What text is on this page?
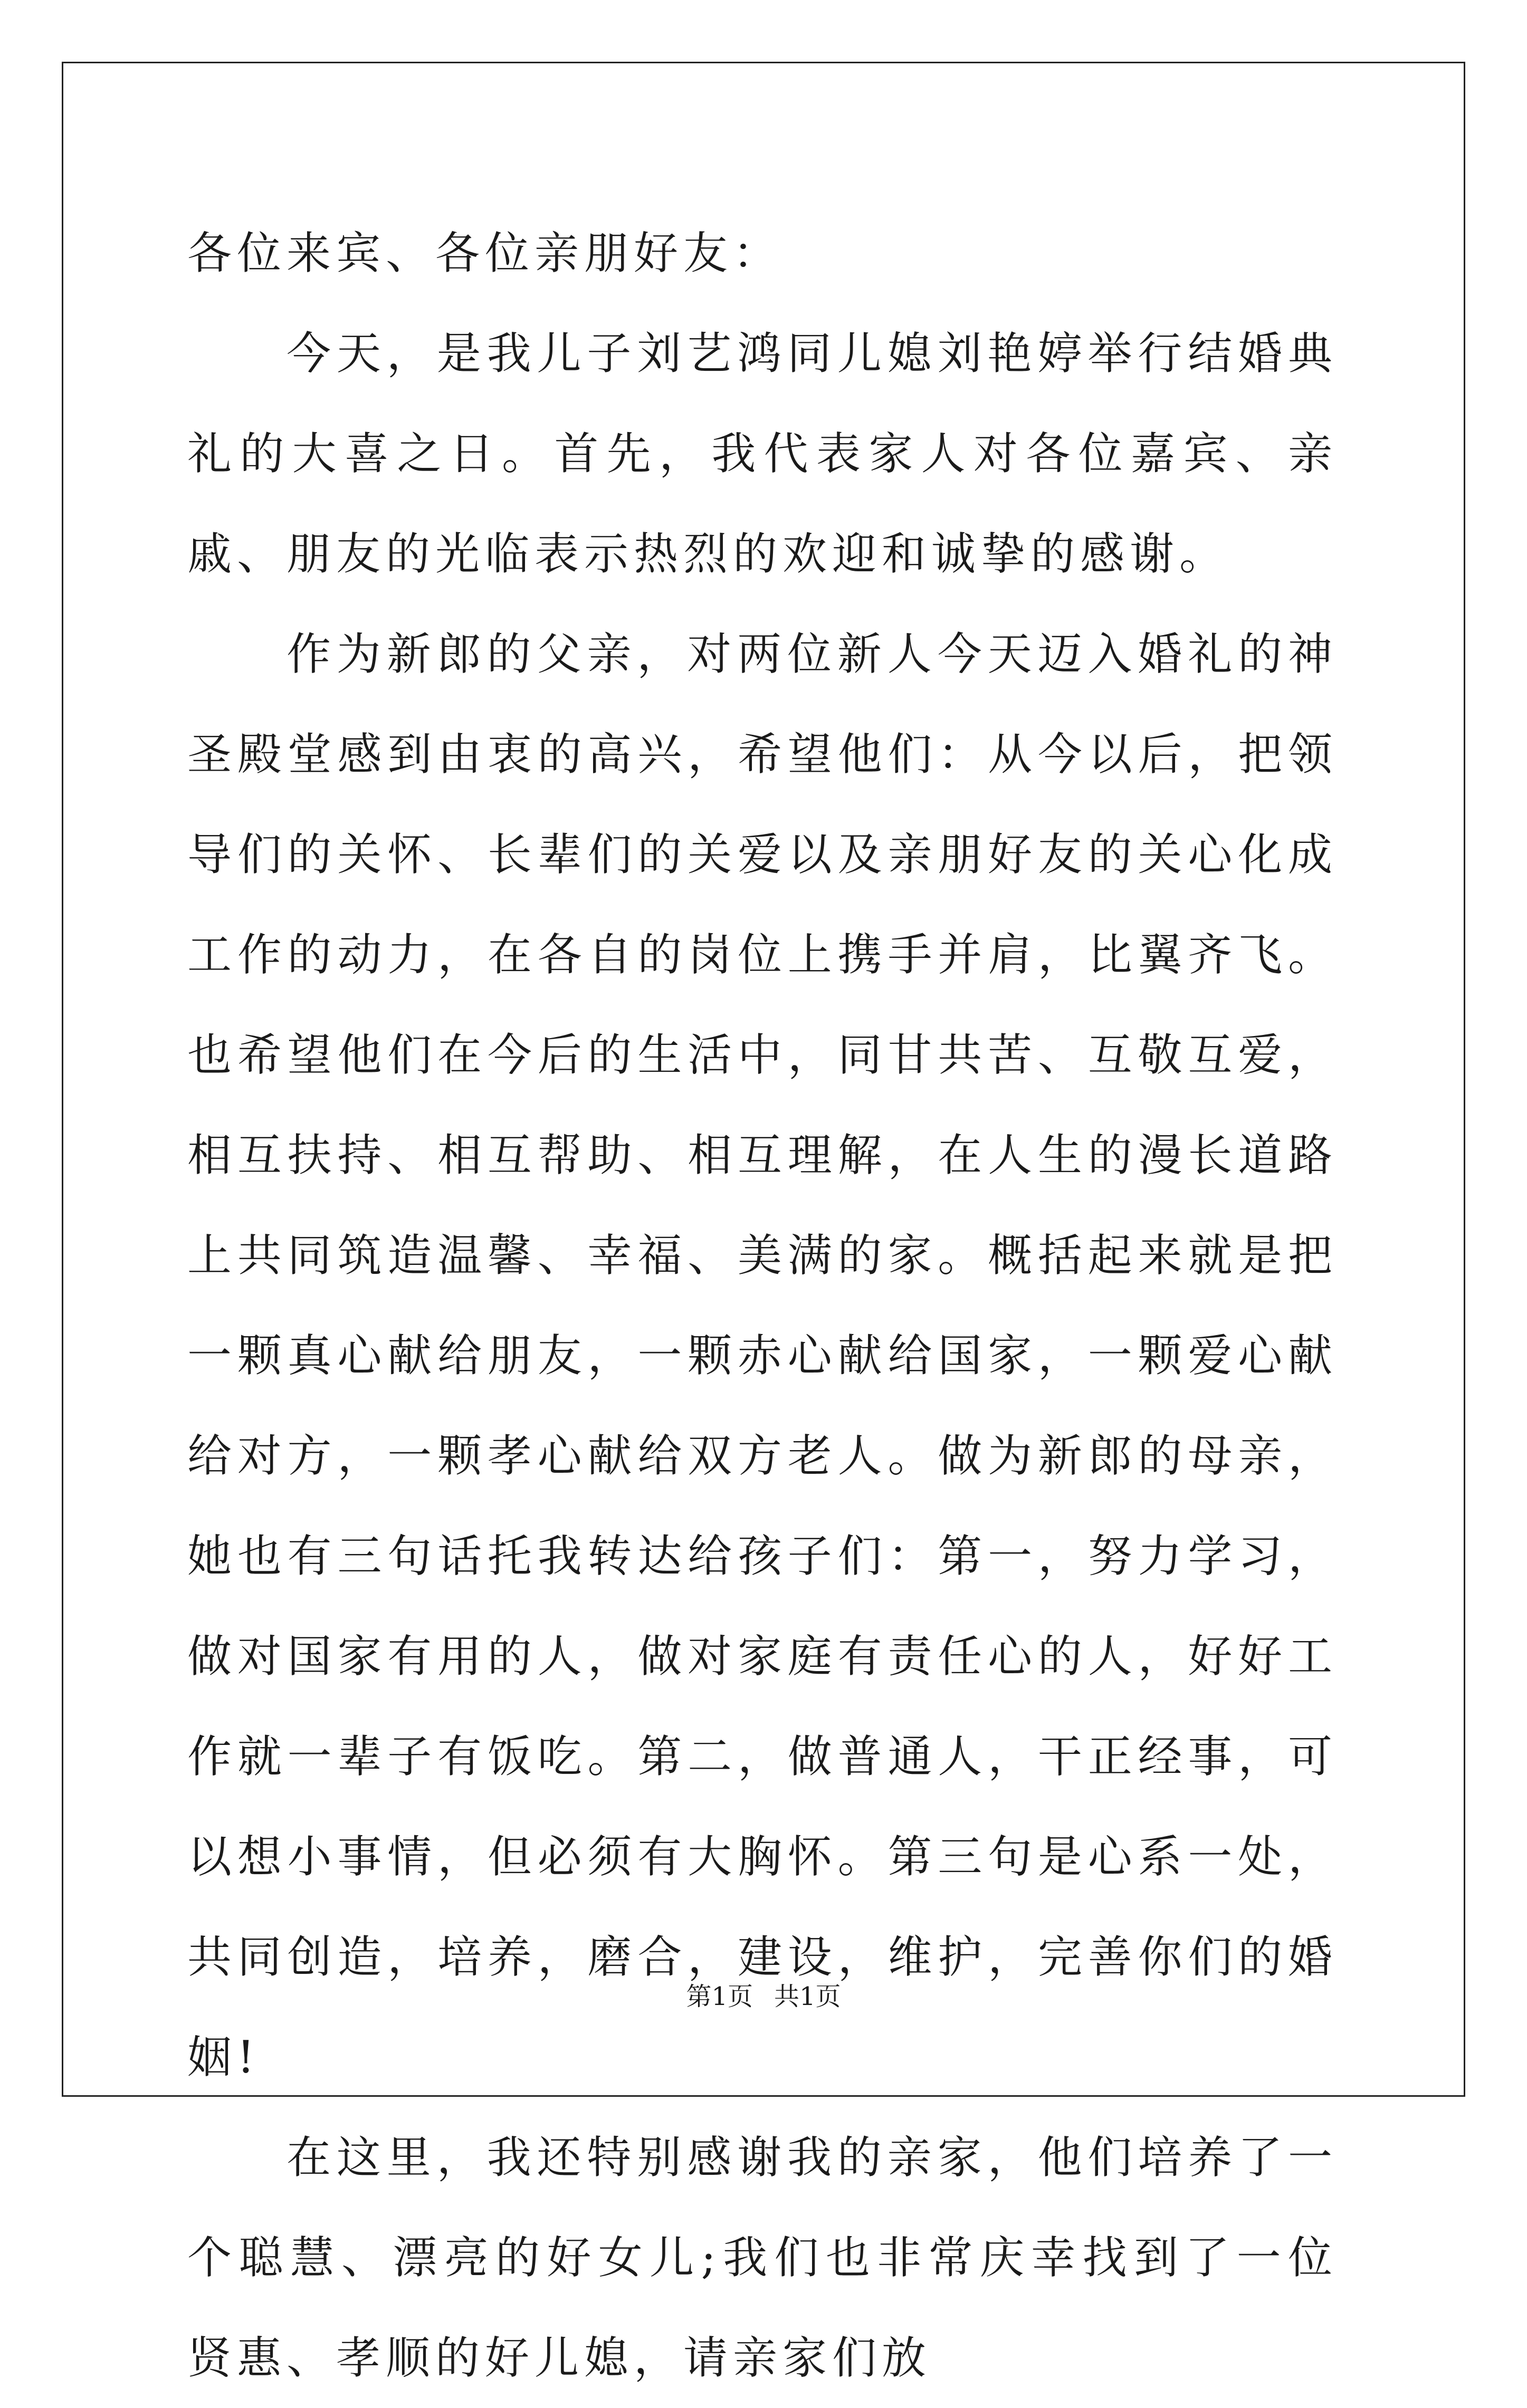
各位来宾、各位亲朋好友：

今天，是我儿子刘艺鸿同儿媳刘艳婷举行结婚典礼的大喜之日。首先，我代表家人对各位嘉宾、亲戚、朋友的光临表示热烈的欢迎和诚挚的感谢。

作为新郎的父亲，对两位新人今天迈入婚礼的神圣殿堂感到由衷的高兴，希望他们：从今以后，把领导们的关怀、长辈们的关爱以及亲朋好友的关心化成工作的动力，在各自的岗位上携手并肩，比翼齐飞。也希望他们在今后的生活中，同甘共苦、互敬互爱，相互扶持、相互帮助、相互理解，在人生的漫长道路上共同筑造温馨、幸福、美满的家。概括起来就是把一颗真心献给朋友，一颗赤心献给国家，一颗爱心献给对方，一颗孝心献给双方老人。做为新郎的母亲，她也有三句话托我转达给孩子们：第一，努力学习，做对国家有用的人，做对家庭有责任心的人，好好工作就一辈子有饭吃。第二，做普通人，干正经事，可以想小事情，但必须有大胸怀。第三句是心系一处，共同创造，培养，磨合，建设，维护，完善你们的婚姻!

在这里，我还特别感谢我的亲家，他们培养了一个聪慧、漂亮的好女儿;我们也非常庆幸找到了一位贤惠、孝顺的好儿媳，请亲家们放

第1页 共1页
